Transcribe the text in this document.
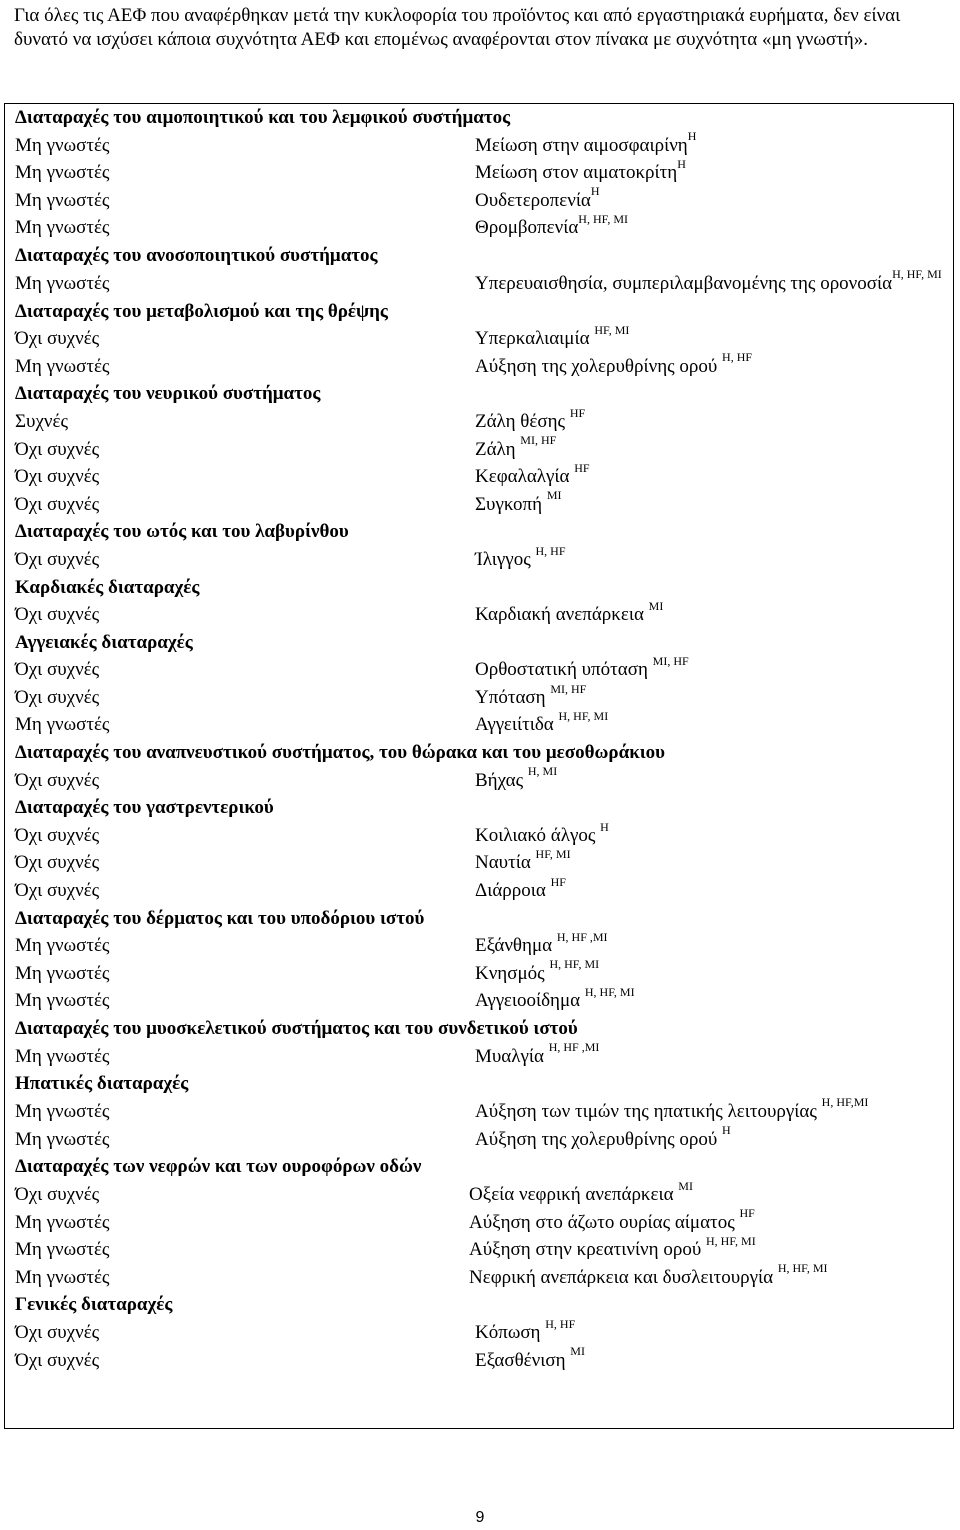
Για όλες τις ΑΕΦ που αναφέρθηκαν μετά την κυκλοφορία του προϊόντος και από εργαστηριακά ευρήματα, δεν είναι δυνατό να ισχύσει κάποια συχνότητα ΑΕΦ και επομένως αναφέρονται στον πίνακα με συχνότητα «μη γνωστή».

Διαταραχές του αιμοποιητικού και του λεμφικού συστήματος
Μη γνωστές	Μείωση στην αιμοσφαιρίνη$^H$
Μη γνωστές	Μείωση στον αιματοκρίτη$^H$
Μη γνωστές	Ουδετεροπενία$^H$
Μη γνωστές	Θρομβοπενία$^{H, HF, MI}$
Διαταραχές του ανοσοποιητικού συστήματος
Μη γνωστές	Υπερευαισθησία, συμπεριλαμβανομένης της ορονοσία$^{H, HF, MI}$
Διαταραχές του μεταβολισμού και της θρέψης
Όχι συχνές	Υπερκαλιαιμία $^{HF, MI}$
Μη γνωστές	Αύξηση της χολερυθρίνης ορού $^{H, HF}$
Διαταραχές του νευρικού συστήματος
Συχνές	Ζάλη θέσης $^{HF}$
Όχι συχνές	Ζάλη $^{MI, HF}$
Όχι συχνές	Κεφαλαλγία $^{HF}$
Όχι συχνές	Συγκοπή $^{MI}$
Διαταραχές του ωτός και του λαβυρίνθου
Όχι συχνές	Ίλιγγος $^{H, HF}$
Καρδιακές διαταραχές
Όχι συχνές	Καρδιακή ανεπάρκεια $^{MI}$
Αγγειακές διαταραχές
Όχι συχνές	Ορθοστατική υπόταση $^{MI, HF}$
Όχι συχνές	Υπόταση $^{MI, HF}$
Μη γνωστές	Αγγειίτιδα $^{H, HF, MI}$
Διαταραχές του αναπνευστικού συστήματος, του θώρακα και του μεσοθωράκιου
Όχι συχνές	Βήχας $^{H, MI}$
Διαταραχές του γαστρεντερικού
Όχι συχνές	Κοιλιακό άλγος $^H$
Όχι συχνές	Ναυτία $^{HF, MI}$
Όχι συχνές	Διάρροια $^{HF}$
Διαταραχές του δέρματος και του υποδόριου ιστού
Μη γνωστές	Εξάνθημα $^{H, HF ,MI}$
Μη γνωστές	Κνησμός $^{H, HF, MI}$
Μη γνωστές	Αγγειοοίδημα $^{H, HF, MI}$
Διαταραχές του μυοσκελετικού συστήματος και του συνδετικού ιστού
Μη γνωστές	Μυαλγία $^{H, HF ,MI}$
Ηπατικές διαταραχές
Μη γνωστές	Αύξηση των τιμών της ηπατικής λειτουργίας $^{H, HF,MI}$
Μη γνωστές	Αύξηση της χολερυθρίνης ορού $^H$
Διαταραχές των νεφρών και των ουροφόρων οδών
Όχι συχνές	Οξεία νεφρική ανεπάρκεια $^{MI}$
Μη γνωστές	Αύξηση στο άζωτο ουρίας αίματος $^{HF}$
Μη γνωστές	Αύξηση στην κρεατινίνη ορού $^{H, HF, MI}$
Μη γνωστές	Νεφρική ανεπάρκεια και δυσλειτουργία $^{H, HF, MI}$
Γενικές διαταραχές
Όχι συχνές	Κόπωση $^{H, HF}$
Όχι συχνές	Εξασθένιση $^{MI}$
9
